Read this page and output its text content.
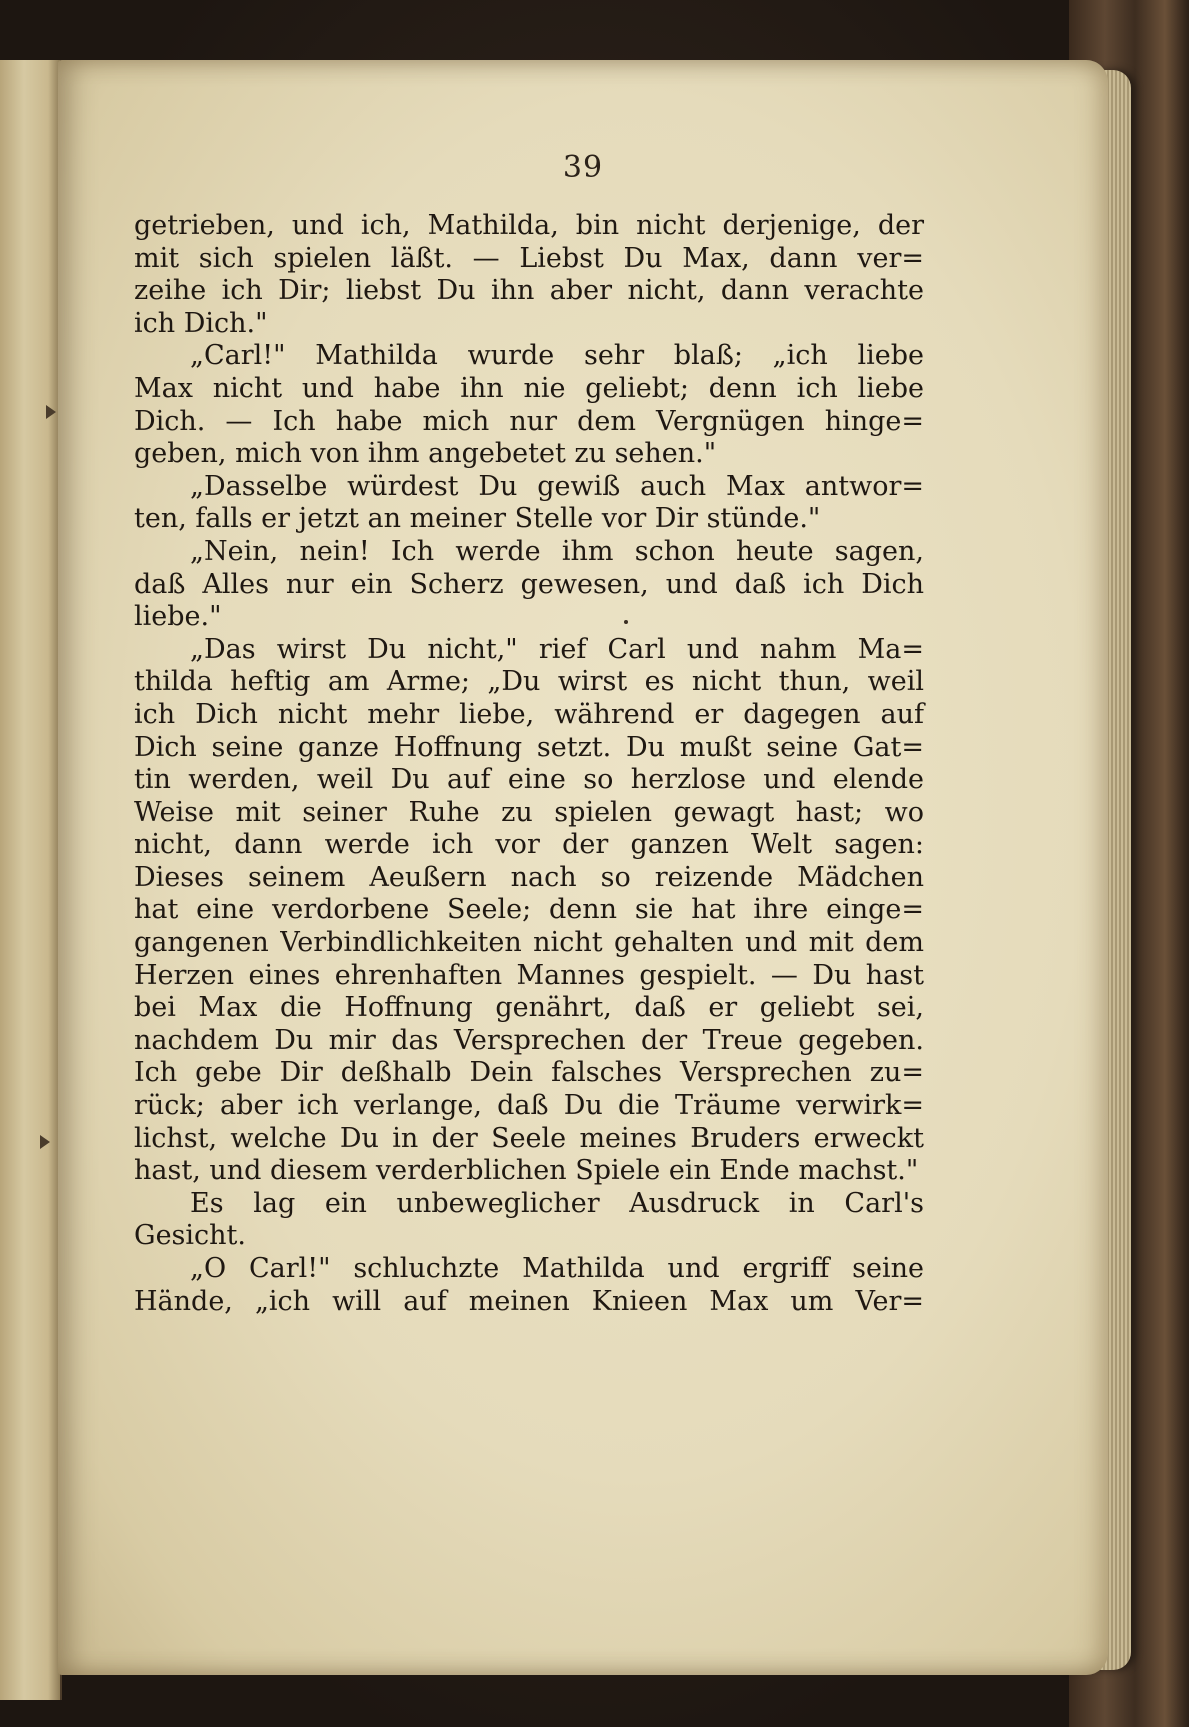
39
getrieben, und ich, Mathilda, bin nicht derjenige, der
mit sich spielen läßt. — Liebst Du Max, dann ver=
zeihe ich Dir; liebst Du ihn aber nicht, dann verachte
ich Dich."
„Carl!" Mathilda wurde sehr blaß; „ich liebe
Max nicht und habe ihn nie geliebt; denn ich liebe
Dich. — Ich habe mich nur dem Vergnügen hinge=
geben, mich von ihm angebetet zu sehen."
„Dasselbe würdest Du gewiß auch Max antwor=
ten, falls er jetzt an meiner Stelle vor Dir stünde."
„Nein, nein! Ich werde ihm schon heute sagen,
daß Alles nur ein Scherz gewesen, und daß ich Dich
liebe."
„Das wirst Du nicht," rief Carl und nahm Ma=
thilda heftig am Arme; „Du wirst es nicht thun, weil
ich Dich nicht mehr liebe, während er dagegen auf
Dich seine ganze Hoffnung setzt. Du mußt seine Gat=
tin werden, weil Du auf eine so herzlose und elende
Weise mit seiner Ruhe zu spielen gewagt hast; wo
nicht, dann werde ich vor der ganzen Welt sagen:
Dieses seinem Aeußern nach so reizende Mädchen
hat eine verdorbene Seele; denn sie hat ihre einge=
gangenen Verbindlichkeiten nicht gehalten und mit dem
Herzen eines ehrenhaften Mannes gespielt. — Du hast
bei Max die Hoffnung genährt, daß er geliebt sei,
nachdem Du mir das Versprechen der Treue gegeben.
Ich gebe Dir deßhalb Dein falsches Versprechen zu=
rück; aber ich verlange, daß Du die Träume verwirk=
lichst, welche Du in der Seele meines Bruders erweckt
hast, und diesem verderblichen Spiele ein Ende machst."
Es lag ein unbeweglicher Ausdruck in Carl's
Gesicht.
„O Carl!" schluchzte Mathilda und ergriff seine
Hände, „ich will auf meinen Knieen Max um Ver=
